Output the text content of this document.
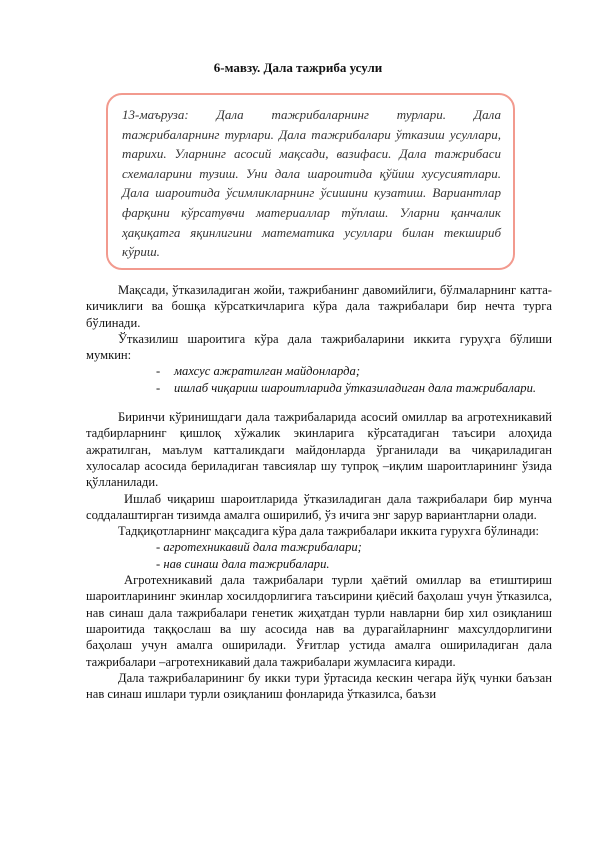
6-мавзу. Дала тажриба усули

13-маъруза: Дала тажрибаларнинг турлари. Дала тажрибаларнинг турлари. Дала тажрибалари ўтказиш усуллари, тарихи. Уларнинг асосий мақсади, вазифаси. Дала тажрибаси схемаларини тузиш. Уни дала шароитида қўйиш хусусиятлари. Дала шароитида ўсимликларнинг ўсишини кузатиш. Вариантлар фарқини кўрсатувчи материаллар тўплаш. Уларни қанчалик ҳақиқатга яқинлигини математика усуллари билан текшириб кўриш.

Мақсади, ўтказиладиган жойи, тажрибанинг давомийлиги, бўлмаларнинг катта-кичиклиги ва бошқа кўрсаткичларига кўра дала тажрибалари бир нечта турга бўлинади.

Ўтказилиш шароитига кўра дала тажрибаларини иккита гуруҳга бўлиши мумкин:

-	махсус ажратилган майдонларда;
-	ишлаб чиқариш шароитларида ўтказиладиган дала тажрибалари.

Биринчи кўринишдаги дала тажрибаларида асосий омиллар ва агротехникавий тадбирларнинг қишлоқ хўжалик экинларига кўрсатадиган таъсири алоҳида ажратилган, маълум катталикдаги майдонларда ўрганилади ва чиқариладиган хулосалар асосида бериладиган тавсиялар шу тупроқ –иқлим шароитларининг ўзида қўлланилади.

Ишлаб чиқариш шароитларида ўтказиладиган дала тажрибалари бир мунча соддалаштирган тизимда амалга оширилиб, ўз ичига энг зарур вариантларни олади.

Тадқиқотларнинг мақсадига кўра дала тажрибалари иккита гурухга бўлинади:

- агротехникавий дала тажрибалари;
- нав синаш дала тажрибалари.

Агротехникавий дала тажрибалари турли ҳаётий омиллар ва етиштириш шароитларининг экинлар хосилдорлигига таъсирини қиёсий баҳолаш учун ўтказилса, нав синаш дала тажрибалари генетик жиҳатдан турли навларни бир хил озиқланиш шароитида таққослаш ва шу асосида нав ва дурагайларнинг махсулдорлигини баҳолаш учун амалга оширилади. Ўғитлар устида амалга ошириладиган дала тажрибалари –агротехникавий дала тажрибалари жумласига киради.

Дала тажрибаларининг бу икки тури ўртасида кескин чегара йўқ чунки баъзан нав синаш ишлари турли озиқланиш фонларида ўтказилса, баъзи
